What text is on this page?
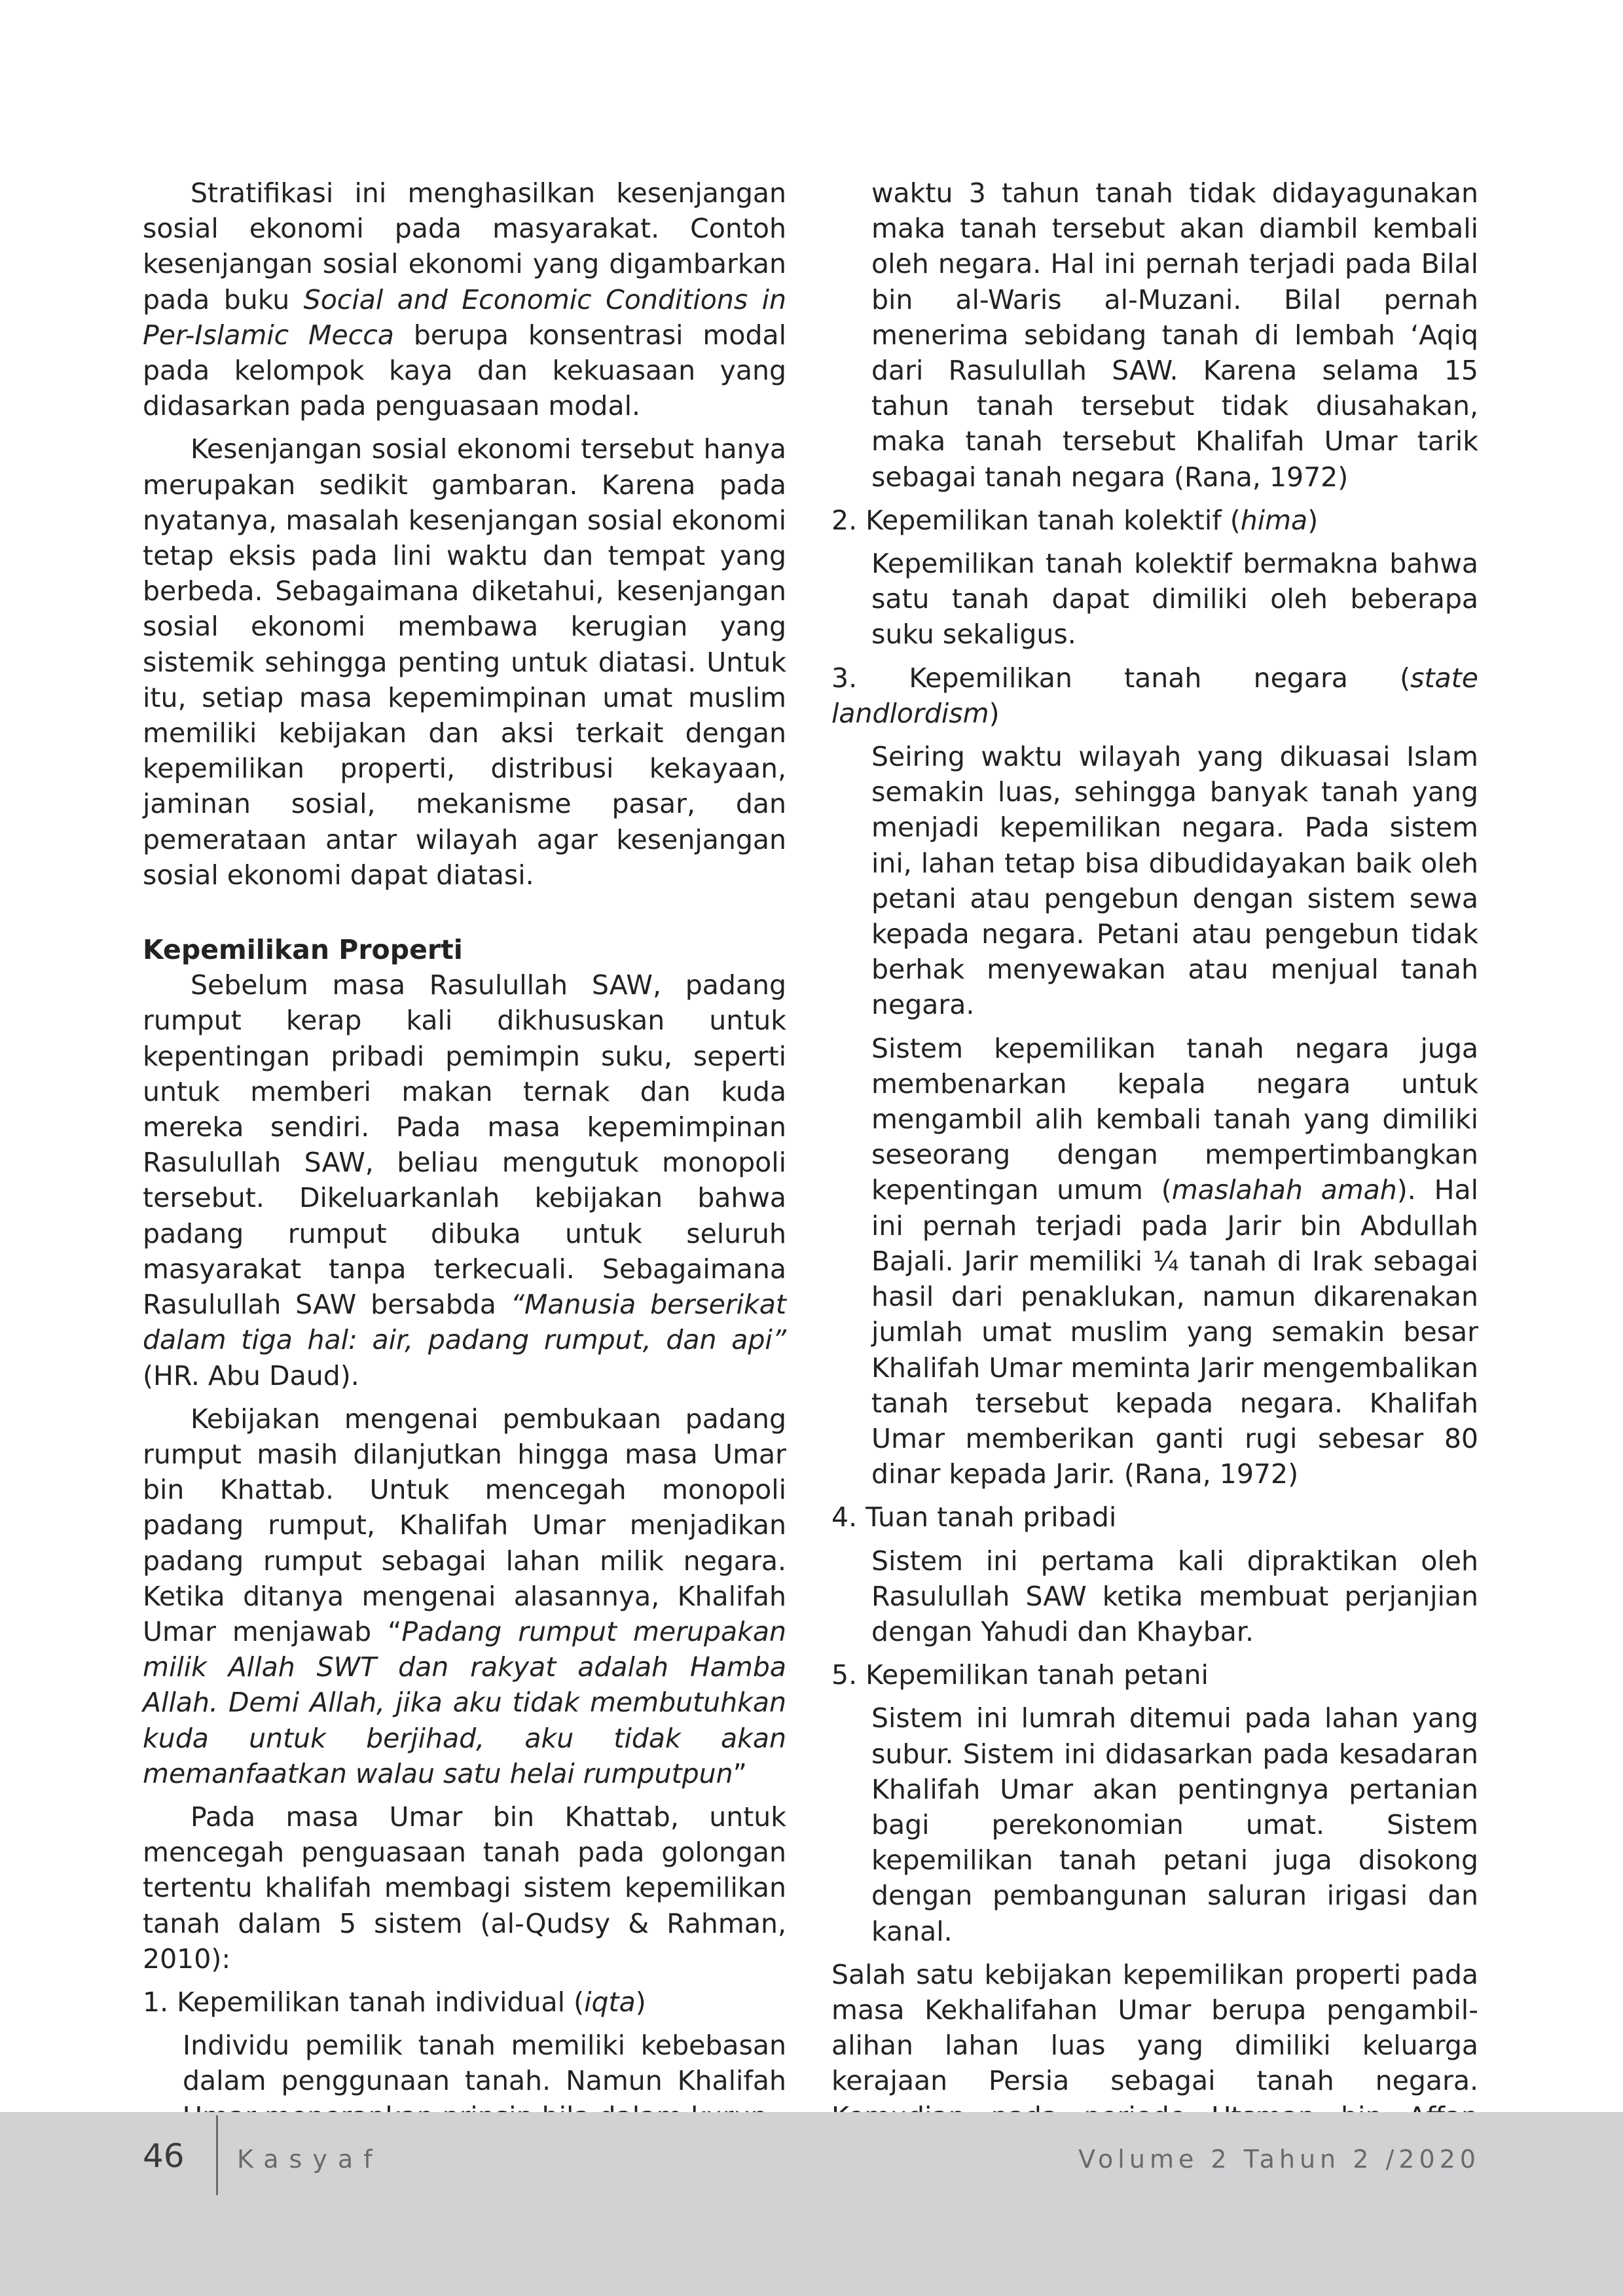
Stratifikasi ini menghasilkan kesenjangan sosial ekonomi pada masyarakat. Contoh kesenjangan sosial ekonomi yang digambarkan pada buku Social and Economic Conditions in Per-Islamic Mecca berupa konsentrasi modal pada kelompok kaya dan kekuasaan yang didasarkan pada penguasaan modal.

Kesenjangan sosial ekonomi tersebut hanya merupakan sedikit gambaran. Karena pada nyatanya, masalah kesenjangan sosial ekonomi tetap eksis pada lini waktu dan tempat yang berbeda. Sebagaimana diketahui, kesenjangan sosial ekonomi membawa kerugian yang sistemik sehingga penting untuk diatasi. Untuk itu, setiap masa kepemimpinan umat muslim memiliki kebijakan dan aksi terkait dengan kepemilikan properti, distribusi kekayaan, jaminan sosial, mekanisme pasar, dan pemerataan antar wilayah agar kesenjangan sosial ekonomi dapat diatasi.

Kepemilikan Properti

Sebelum masa Rasulullah SAW, padang rumput kerap kali dikhususkan untuk kepentingan pribadi pemimpin suku, seperti untuk memberi makan ternak dan kuda mereka sendiri. Pada masa kepemimpinan Rasulullah SAW, beliau mengutuk monopoli tersebut. Dikeluarkanlah kebijakan bahwa padang rumput dibuka untuk seluruh masyarakat tanpa terkecuali. Sebagaimana Rasulullah SAW bersabda “Manusia berserikat dalam tiga hal: air, padang rumput, dan api” (HR. Abu Daud).

Kebijakan mengenai pembukaan padang rumput masih dilanjutkan hingga masa Umar bin Khattab. Untuk mencegah monopoli padang rumput, Khalifah Umar menjadikan padang rumput sebagai lahan milik negara. Ketika ditanya mengenai alasannya, Khalifah Umar menjawab “Padang rumput merupakan milik Allah SWT dan rakyat adalah Hamba Allah. Demi Allah, jika aku tidak membutuhkan kuda untuk berjihad, aku tidak akan memanfaatkan walau satu helai rumputpun”

Pada masa Umar bin Khattab, untuk mencegah penguasaan tanah pada golongan tertentu khalifah membagi sistem kepemilikan tanah dalam 5 sistem (al-Qudsy & Rahman, 2010):

1. Kepemilikan tanah individual (iqta)

Individu pemilik tanah memiliki kebebasan dalam penggunaan tanah. Namun Khalifah

waktu 3 tahun tanah tidak didayagunakan maka tanah tersebut akan diambil kembali oleh negara. Hal ini pernah terjadi pada Bilal bin al-Waris al-Muzani. Bilal pernah menerima sebidang tanah di lembah ‘Aqiq dari Rasulullah SAW. Karena selama 15 tahun tanah tersebut tidak diusahakan, maka tanah tersebut Khalifah Umar tarik sebagai tanah negara (Rana, 1972)

2. Kepemilikan tanah kolektif (hima)

Kepemilikan tanah kolektif bermakna bahwa satu tanah dapat dimiliki oleh beberapa suku sekaligus.

3. Kepemilikan tanah negara (state landlordism)

Seiring waktu wilayah yang dikuasai Islam semakin luas, sehingga banyak tanah yang menjadi kepemilikan negara. Pada sistem ini, lahan tetap bisa dibudidayakan baik oleh petani atau pengebun dengan sistem sewa kepada negara. Petani atau pengebun tidak berhak menyewakan atau menjual tanah negara.

Sistem kepemilikan tanah negara juga membenarkan kepala negara untuk mengambil alih kembali tanah yang dimiliki seseorang dengan mempertimbangkan kepentingan umum (maslahah amah). Hal ini pernah terjadi pada Jarir bin Abdullah Bajali. Jarir memiliki ¼ tanah di Irak sebagai hasil dari penaklukan, namun dikarenakan jumlah umat muslim yang semakin besar Khalifah Umar meminta Jarir mengembalikan tanah tersebut kepada negara. Khalifah Umar memberikan ganti rugi sebesar 80 dinar kepada Jarir. (Rana, 1972)

4. Tuan tanah pribadi

Sistem ini pertama kali dipraktikan oleh Rasulullah SAW ketika membuat perjanjian dengan Yahudi dan Khaybar.

5. Kepemilikan tanah petani

Sistem ini lumrah ditemui pada lahan yang subur. Sistem ini didasarkan pada kesadaran Khalifah Umar akan pentingnya pertanian bagi perekonomian umat. Sistem kepemilikan tanah petani juga disokong dengan pembangunan saluran irigasi dan kanal.

Salah satu kebijakan kepemilikan properti pada masa Kekhalifahan Umar berupa pengambil-alihan lahan luas yang dimiliki keluarga kerajaan Persia sebagai tanah negara.

46 Kasyaf	Volume 2 Tahun 2 /2020
